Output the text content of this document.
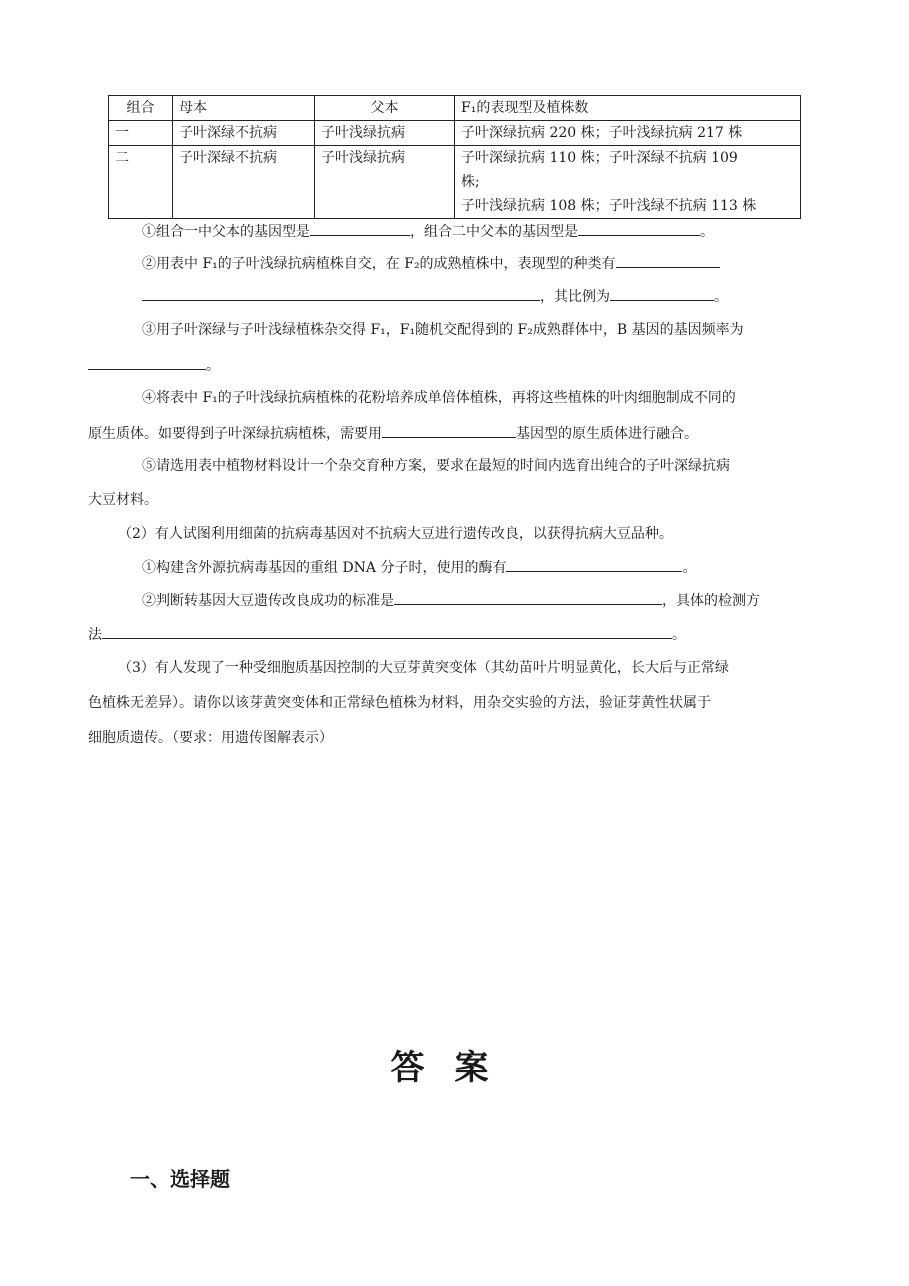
组合	母本	父本	F₁的表现型及植株数
一	子叶深绿不抗病	子叶浅绿抗病	子叶深绿抗病 220 株；子叶浅绿抗病 217 株

二	子叶深绿不抗病	子叶浅绿抗病	子叶深绿抗病 110 株；子叶深绿不抗病 109
株;
子叶浅绿抗病 108 株；子叶浅绿不抗病 113 株
①组合一中父本的基因型是	，组合二中父本的基因型是	。
②用表中 F₁的子叶浅绿抗病植株自交，在 F₂的成熟植株中，表现型的种类有
，其比例为	。
③用子叶深绿与子叶浅绿植株杂交得 F₁，F₁随机交配得到的 F₂成熟群体中，B 基因的基因频率为
。
④将表中 F₁的子叶浅绿抗病植株的花粉培养成单倍体植株，再将这些植株的叶肉细胞制成不同的
原生质体。如要得到子叶深绿抗病植株，需要用	基因型的原生质体进行融合。
⑤请选用表中植物材料设计一个杂交育种方案，要求在最短的时间内选育出纯合的子叶深绿抗病
大豆材料。
（2）有人试图利用细菌的抗病毒基因对不抗病大豆进行遗传改良，以获得抗病大豆品种。
①构建含外源抗病毒基因的重组 DNA 分子时，使用的酶有	。
②判断转基因大豆遗传改良成功的标准是	，具体的检测方
法	。
（3）有人发现了一种受细胞质基因控制的大豆芽黄突变体（其幼苗叶片明显黄化，长大后与正常绿
色植株无差异）。请你以该芽黄突变体和正常绿色植株为材料，用杂交实验的方法，验证芽黄性状属于
细胞质遗传。（要求：用遗传图解表示）
答案
一、选择题
